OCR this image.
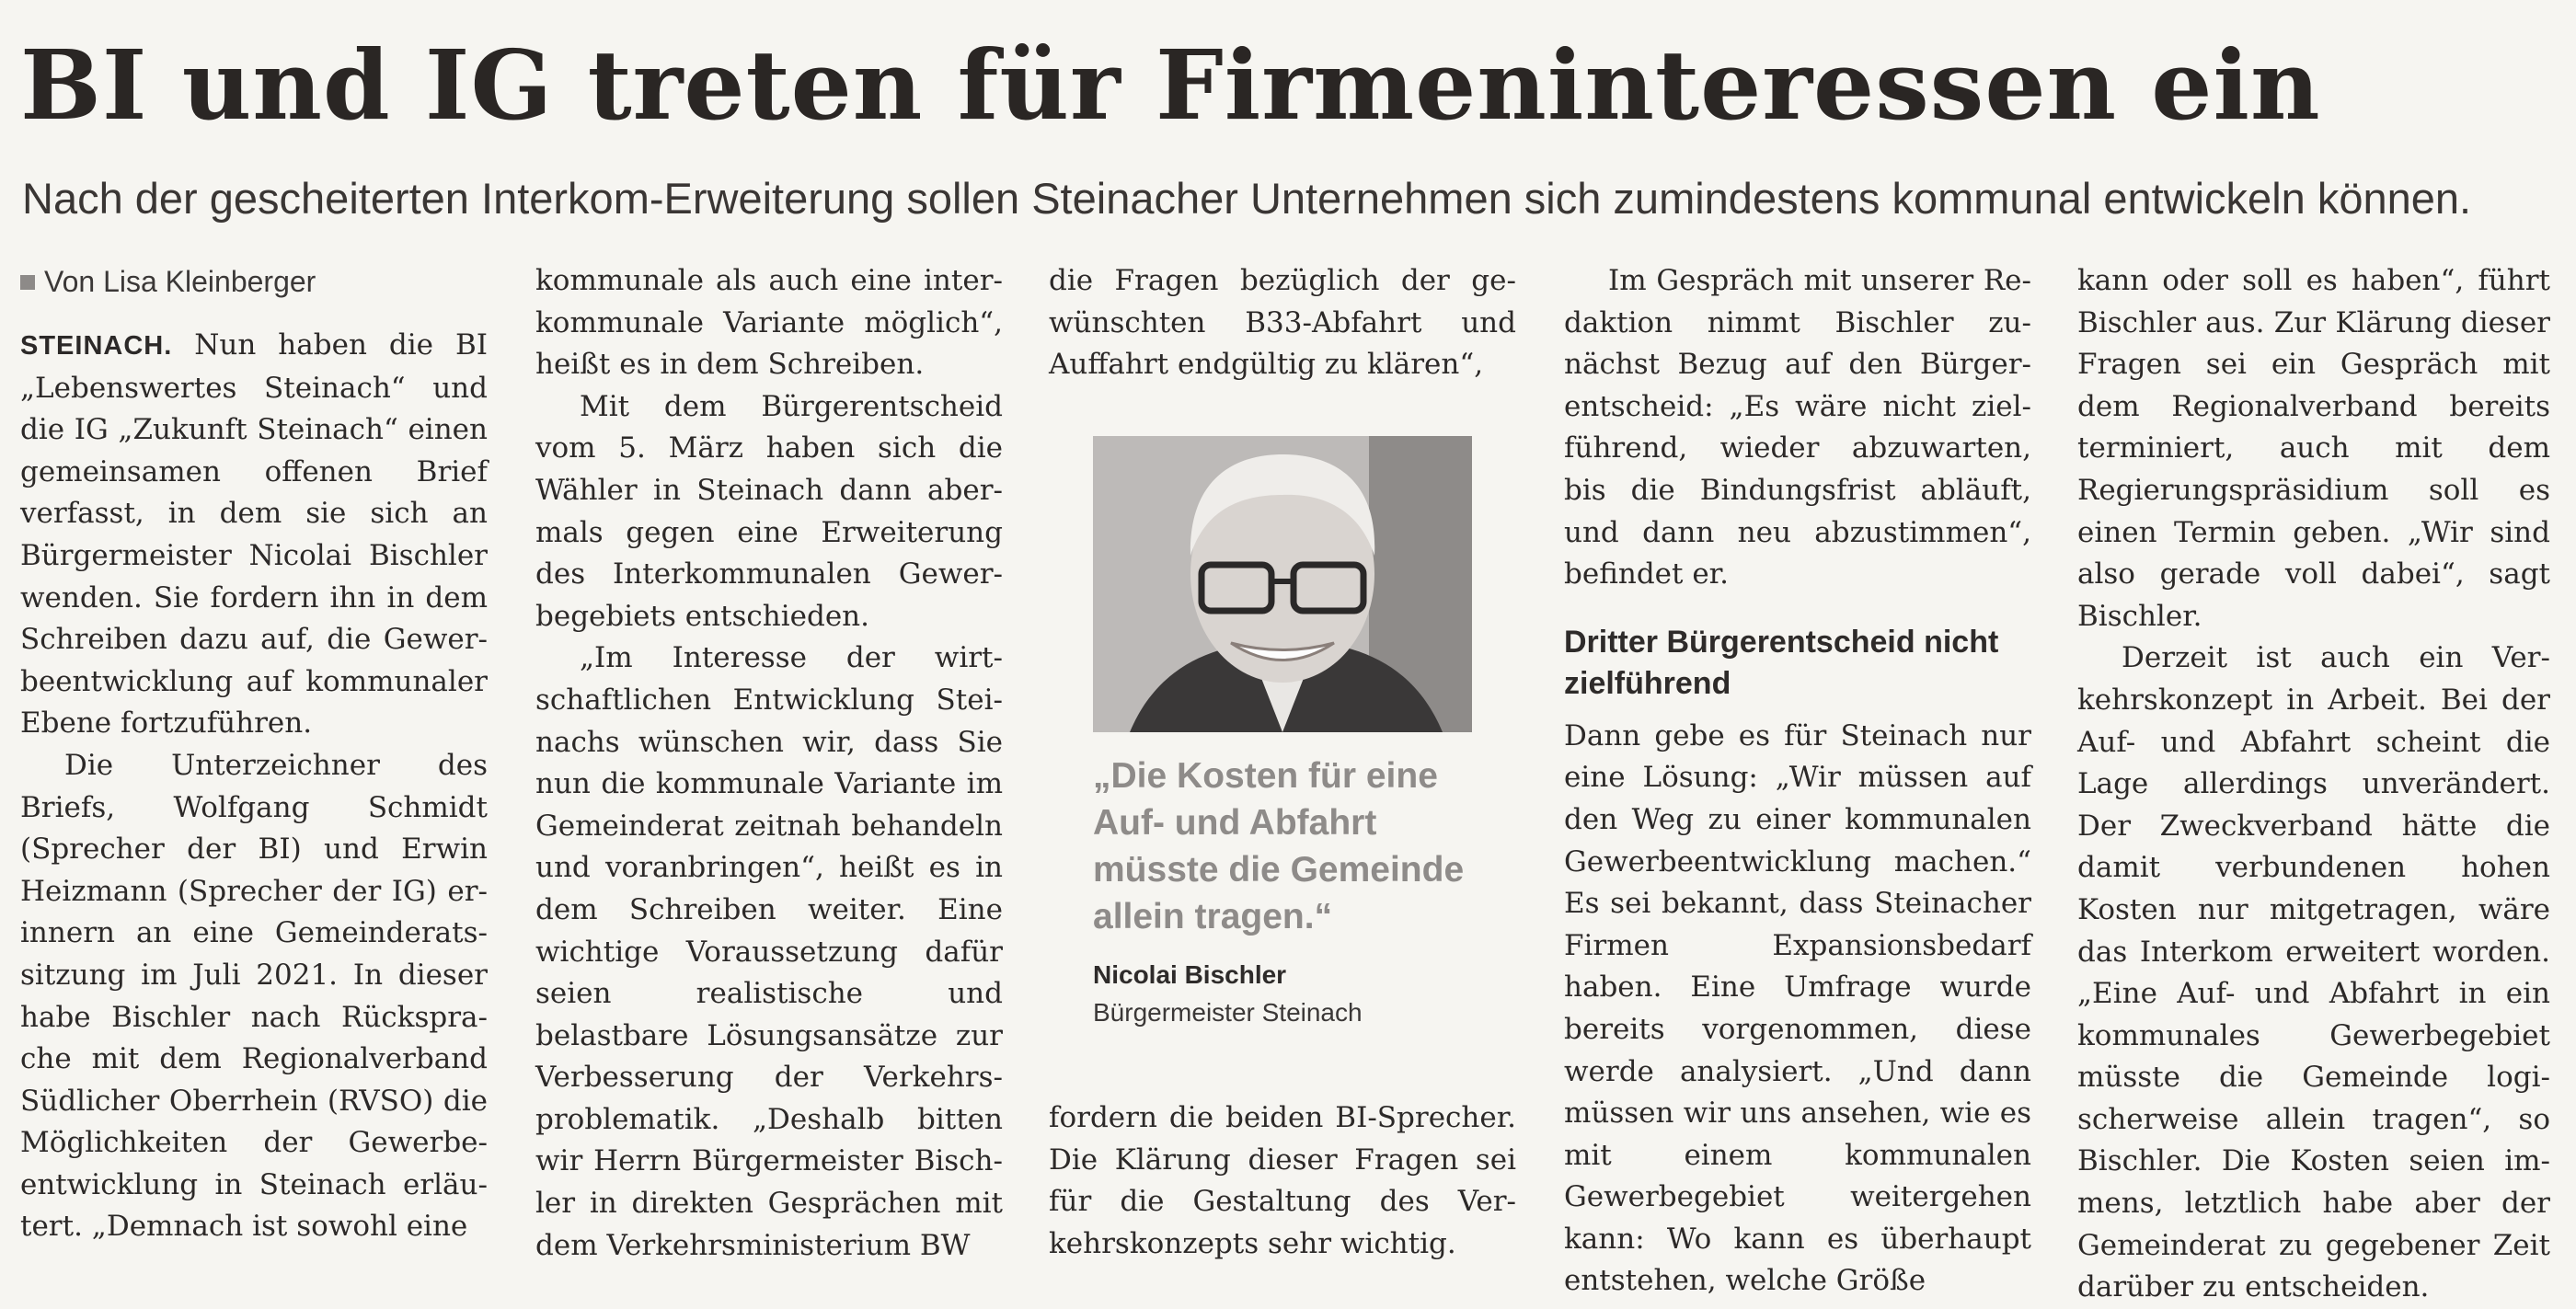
BI und IG treten für Firmeninteressen ein

Nach der gescheiterten Interkom-Erweiterung sollen Steinacher Unternehmen sich zumindestens kommunal entwickeln können.

Von Lisa Kleinberger

STEINACH. Nun haben die BI „Lebenswertes Steinach“ und die IG „Zukunft Steinach“ einen gemeinsamen offenen Brief verfasst, in dem sie sich an Bürgermeister Nicolai Bischler wenden. Sie fordern ihn in dem Schreiben dazu auf, die Gewerbeentwicklung auf kommunaler Ebene fortzuführen.

Die Unterzeichner des Briefs, Wolfgang Schmidt (Sprecher der BI) und Erwin Heizmann (Sprecher der IG) erinnern an eine Gemeinderatssitzung im Juli 2021. In dieser habe Bischler nach Rücksprache mit dem Regionalverband Südlicher Oberrhein (RVSO) die Möglichkeiten der Gewerbeentwicklung in Steinach erläutert. „Demnach ist sowohl eine

kommunale als auch eine interkommunale Variante möglich“, heißt es in dem Schreiben.

Mit dem Bürgerentscheid vom 5. März haben sich die Wähler in Steinach dann abermals gegen eine Erweiterung des Interkommunalen Gewerbegebiets entschieden.

„Im Interesse der wirtschaftlichen Entwicklung Steinachs wünschen wir, dass Sie nun die kommunale Variante im Gemeinderat zeitnah behandeln und voranbringen“, heißt es in dem Schreiben weiter. Eine wichtige Voraussetzung dafür seien realistische und belastbare Lösungsansätze zur Verbesserung der Verkehrsproblematik. „Deshalb bitten wir Herrn Bürgermeister Bischler in direkten Gesprächen mit dem Verkehrsministerium BW

die Fragen bezüglich der gewünschten B33-Abfahrt und Auffahrt endgültig zu klären“,

„Die Kosten für eine Auf- und Abfahrt müsste die Gemeinde allein tragen.“

Nicolai Bischler

Bürgermeister Steinach

fordern die beiden BI-Sprecher. Die Klärung dieser Fragen sei für die Gestaltung des Verkehrskonzepts sehr wichtig.

Im Gespräch mit unserer Redaktion nimmt Bischler zunächst Bezug auf den Bürgerentscheid: „Es wäre nicht zielführend, wieder abzuwarten, bis die Bindungsfrist abläuft, und dann neu abzustimmen“, befindet er.

Dritter Bürgerentscheid nicht zielführend

Dann gebe es für Steinach nur eine Lösung: „Wir müssen auf den Weg zu einer kommunalen Gewerbeentwicklung machen.“ Es sei bekannt, dass Steinacher Firmen Expansionsbedarf haben. Eine Umfrage wurde bereits vorgenommen, diese werde analysiert. „Und dann müssen wir uns ansehen, wie es mit einem kommunalen Gewerbegebiet weitergehen kann: Wo kann es überhaupt entstehen, welche Größe

kann oder soll es haben“, führt Bischler aus. Zur Klärung dieser Fragen sei ein Gespräch mit dem Regionalverband bereits terminiert, auch mit dem Regierungspräsidium soll es einen Termin geben. „Wir sind also gerade voll dabei“, sagt Bischler.

Derzeit ist auch ein Verkehrskonzept in Arbeit. Bei der Auf- und Abfahrt scheint die Lage allerdings unverändert. Der Zweckverband hätte die damit verbundenen hohen Kosten nur mitgetragen, wäre das Interkom erweitert worden. „Eine Auf- und Abfahrt in ein kommunales Gewerbegebiet müsste die Gemeinde logischerweise allein tragen“, so Bischler. Die Kosten seien immens, letztlich habe aber der Gemeinderat zu gegebener Zeit darüber zu entscheiden.
